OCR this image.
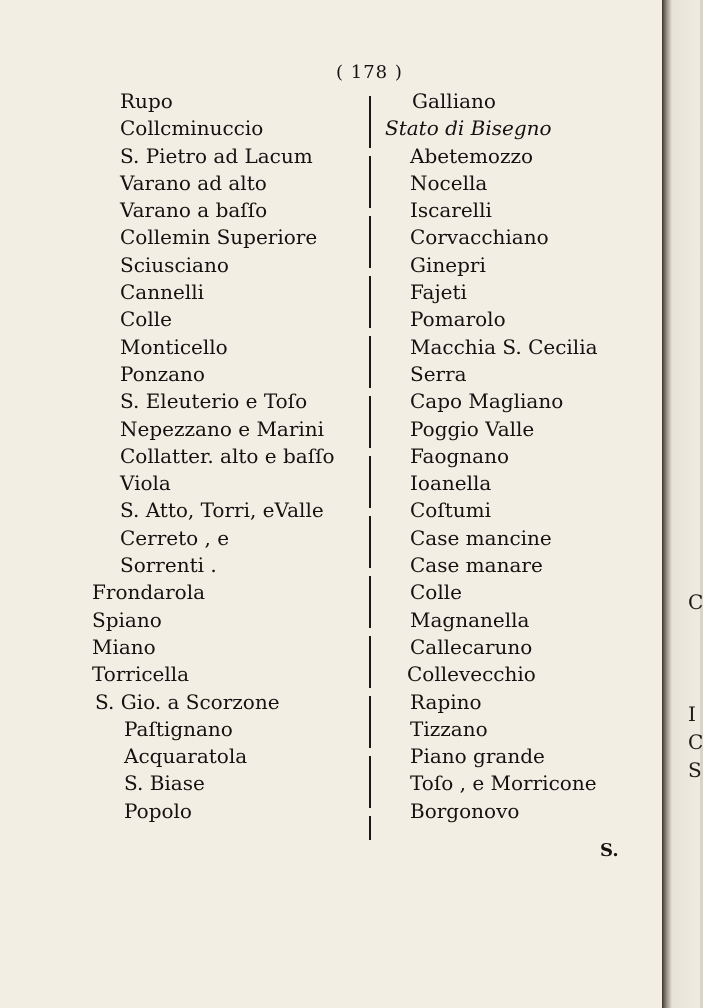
( 178 )
Rupo
Collcminuccio
S. Pietro ad Lacum
Varano ad alto
Varano a baſſo
Collemin Superiore
Sciusciano
Cannelli
Colle
Monticello
Ponzano
S. Eleuterio e Toſo
Nepezzano e Marini
Collatter. alto e baſſo
Viola
S. Atto, Torri, eValle
Cerreto , e
Sorrenti .
Frondarola
Spiano
Miano
Torricella
S. Gio. a Scorzone
Paſtignano
Acquaratola
S. Biase
Popolo
Galliano
Stato di Bisegno
Abetemozzo
Nocella
Iscarelli
Corvacchiano
Ginepri
Fajeti
Pomarolo
Macchia S. Cecilia
Serra
Capo Magliano
Poggio Valle
Faognano
Ioanella
Coſtumi
Case mancine
Case manare
Colle
Magnanella
Callecaruno
Collevecchio
Rapino
Tizzano
Piano grande
Toſo , e Morricone
Borgonovo
S.
C
I
C
S
